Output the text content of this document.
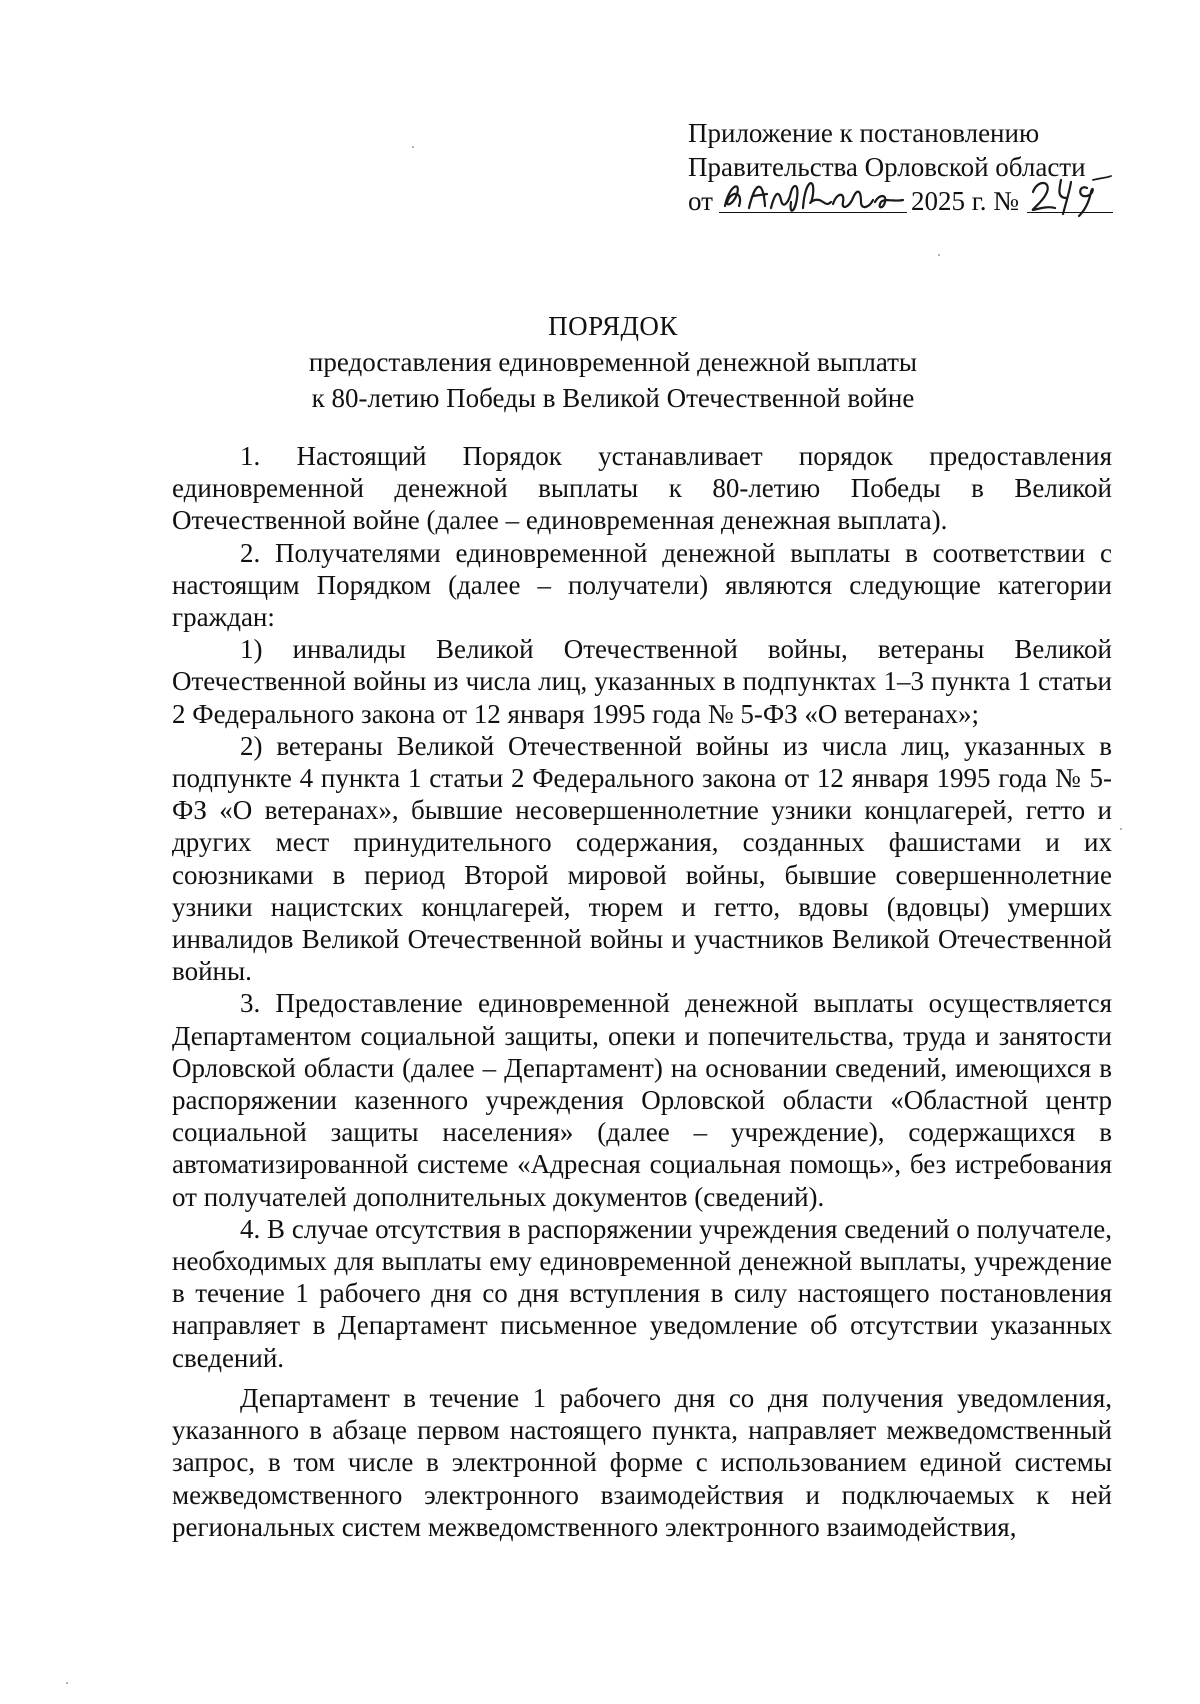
Приложение к постановлению
Правительства Орловской области
от	2025 г. №
ПОРЯДОК
предоставления единовременной денежной выплаты
к 80-летию Победы в Великой Отечественной войне

1. Настоящий Порядок устанавливает порядок предоставления единовременной денежной выплаты к 80-летию Победы в Великой Отечественной войне (далее – единовременная денежная выплата).

2. Получателями единовременной денежной выплаты в соответствии с настоящим Порядком (далее – получатели) являются следующие категории граждан:

1) инвалиды Великой Отечественной войны, ветераны Великой Отечественной войны из числа лиц, указанных в подпунктах 1–3 пункта 1 статьи 2 Федерального закона от 12 января 1995 года № 5-ФЗ «О ветеранах»;

2) ветераны Великой Отечественной войны из числа лиц, указанных в подпункте 4 пункта 1 статьи 2 Федерального закона от 12 января 1995 года № 5-ФЗ «О ветеранах», бывшие несовершеннолетние узники концлагерей, гетто и других мест принудительного содержания, созданных фашистами и их союзниками в период Второй мировой войны, бывшие совершеннолетние узники нацистских концлагерей, тюрем и гетто, вдовы (вдовцы) умерших инвалидов Великой Отечественной войны и участников Великой Отечественной войны.

3. Предоставление единовременной денежной выплаты осуществляется Департаментом социальной защиты, опеки и попечительства, труда и занятости Орловской области (далее – Департамент) на основании сведений, имеющихся в распоряжении казенного учреждения Орловской области «Областной центр социальной защиты населения» (далее – учреждение), содержащихся в автоматизированной системе «Адресная социальная помощь», без истребования от получателей дополнительных документов (сведений).

4. В случае отсутствия в распоряжении учреждения сведений о получателе, необходимых для выплаты ему единовременной денежной выплаты, учреждение в течение 1 рабочего дня со дня вступления в силу настоящего постановления направляет в Департамент письменное уведомление об отсутствии указанных сведений.

Департамент в течение 1 рабочего дня со дня получения уведомления, указанного в абзаце первом настоящего пункта, направляет межведомственный запрос, в том числе в электронной форме с использованием единой системы межведомственного электронного взаимодействия и подключаемых к ней региональных систем межведомственного электронного взаимодействия,
